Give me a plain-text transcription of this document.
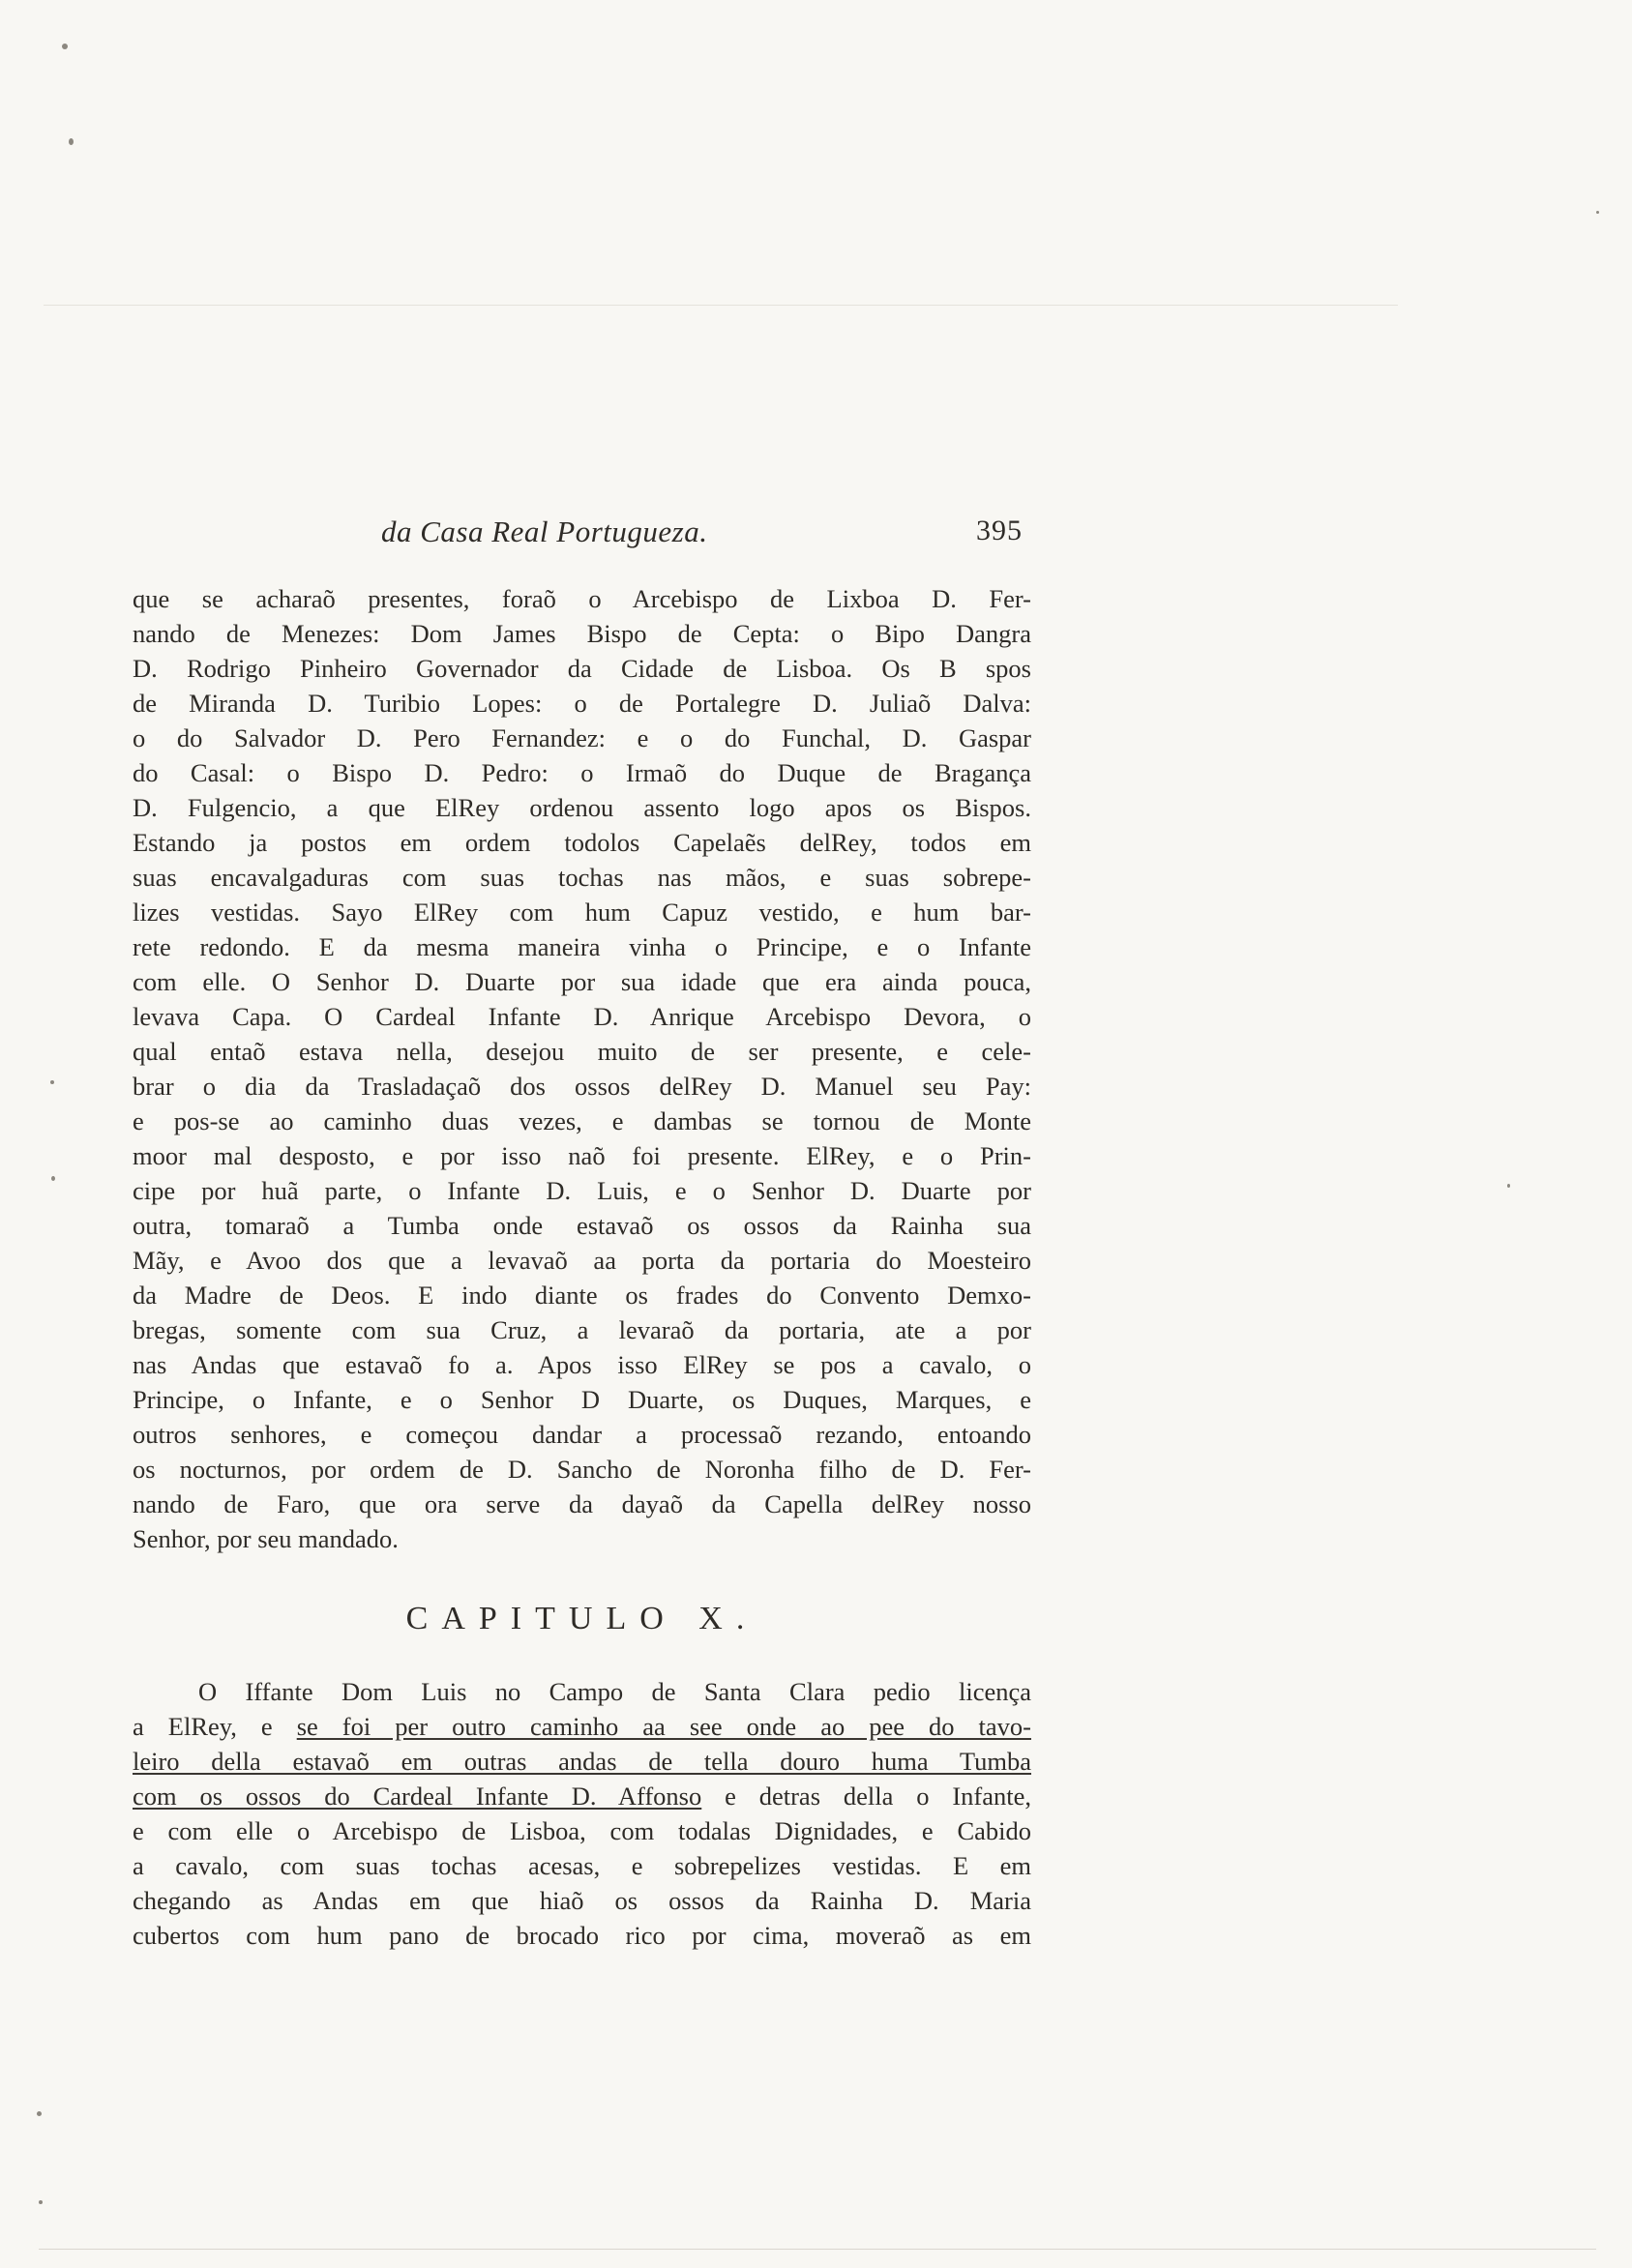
da Casa Real Portugueza.	395
que se acharaõ presentes, foraõ o Arcebispo de Lixboa D. Fer-
nando de Menezes: Dom James Bispo de Cepta: o Bipo Dangra
D. Rodrigo Pinheiro Governador da Cidade de Lisboa. Os B spos
de Miranda D. Turibio Lopes: o de Portalegre D. Juliaõ Dalva:
o do Salvador D. Pero Fernandez: e o do Funchal, D. Gaspar
do Casal: o Bispo D. Pedro: o Irmaõ do Duque de Bragança
D. Fulgencio, a que ElRey ordenou assento logo apos os Bispos.
Estando ja postos em ordem todolos Capelaẽs delRey, todos em
suas encavalgaduras com suas tochas nas mãos, e suas sobrepe-
lizes vestidas. Sayo ElRey com hum Capuz vestido, e hum bar-
rete redondo. E da mesma maneira vinha o Principe, e o Infante
com elle. O Senhor D. Duarte por sua idade que era ainda pouca,
levava Capa. O Cardeal Infante D. Anrique Arcebispo Devora, o
qual entaõ estava nella, desejou muito de ser presente, e cele-
brar o dia da Trasladaçaõ dos ossos delRey D. Manuel seu Pay:
e pos-se ao caminho duas vezes, e dambas se tornou de Monte
moor mal desposto, e por isso naõ foi presente. ElRey, e o Prin-
cipe por huã parte, o Infante D. Luis, e o Senhor D. Duarte por
outra, tomaraõ a Tumba onde estavaõ os ossos da Rainha sua
Mãy, e Avoo dos que a levavaõ aa porta da portaria do Moesteiro
da Madre de Deos. E indo diante os frades do Convento Demxo-
bregas, somente com sua Cruz, a levaraõ da portaria, ate a por
nas Andas que estavaõ fo a. Apos isso ElRey se pos a cavalo, o
Principe, o Infante, e o Senhor D Duarte, os Duques, Marques, e
outros senhores, e começou dandar a processaõ rezando, entoando
os nocturnos, por ordem de D. Sancho de Noronha filho de D. Fer-
nando de Faro, que ora serve da dayaõ da Capella delRey nosso
Senhor, por seu mandado.
CAPITULO X.
O Iffante Dom Luis no Campo de Santa Clara pedio licença
a ElRey, e se foi per outro caminho aa see onde ao pee do tavo-
leiro della estavaõ em outras andas de tella douro huma Tumba
com os ossos do Cardeal Infante D. Affonso e detras della o Infante,
e com elle o Arcebispo de Lisboa, com todalas Dignidades, e Cabido
a cavalo, com suas tochas acesas, e sobrepelizes vestidas. E em
chegando as Andas em que hiaõ os ossos da Rainha D. Maria
cubertos com hum pano de brocado rico por cima, moveraõ as em
